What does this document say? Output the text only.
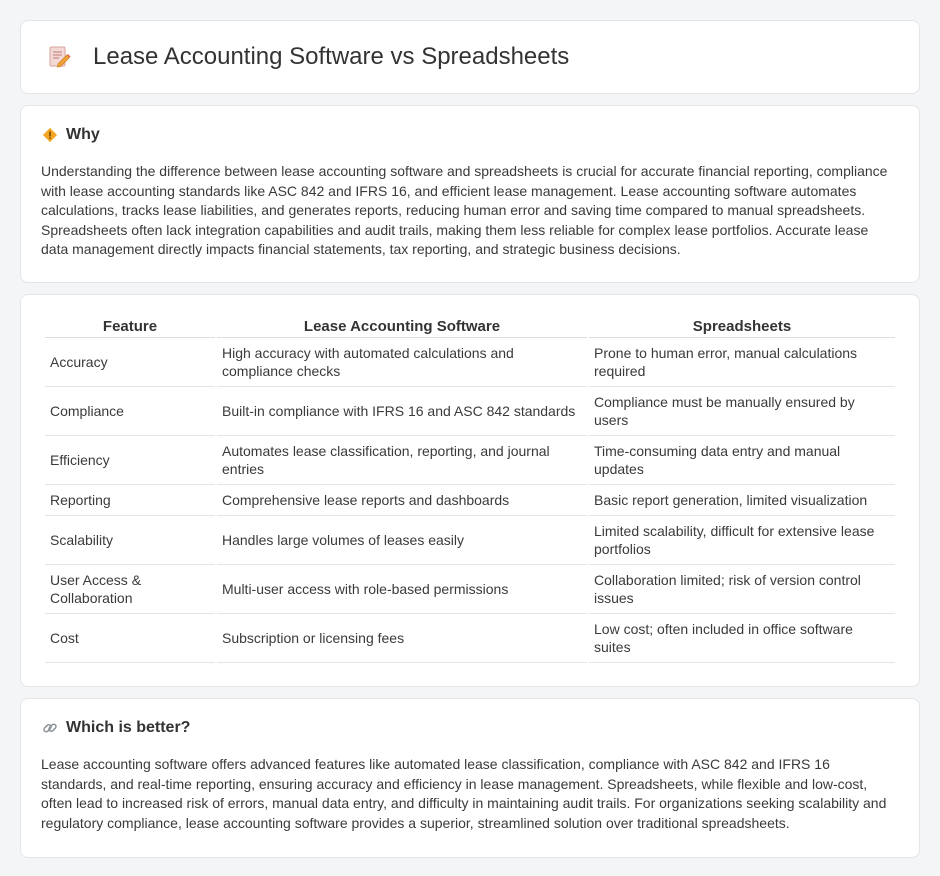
Lease Accounting Software vs Spreadsheets
Why

Understanding the difference between lease accounting software and spreadsheets is crucial for accurate financial reporting, compliance with lease accounting standards like ASC 842 and IFRS 16, and efficient lease management. Lease accounting software automates calculations, tracks lease liabilities, and generates reports, reducing human error and saving time compared to manual spreadsheets. Spreadsheets often lack integration capabilities and audit trails, making them less reliable for complex lease portfolios. Accurate lease data management directly impacts financial statements, tax reporting, and strategic business decisions.

Feature	Lease Accounting Software	Spreadsheets
Accuracy	High accuracy with automated calculations and compliance checks	Prone to human error, manual calculations required
Compliance	Built-in compliance with IFRS 16 and ASC 842 standards	Compliance must be manually ensured by users
Efficiency	Automates lease classification, reporting, and journal entries	Time-consuming data entry and manual updates
Reporting	Comprehensive lease reports and dashboards	Basic report generation, limited visualization
Scalability	Handles large volumes of leases easily	Limited scalability, difficult for extensive lease portfolios
User Access & Collaboration	Multi-user access with role-based permissions	Collaboration limited; risk of version control issues
Cost	Subscription or licensing fees	Low cost; often included in office software suites
Which is better?

Lease accounting software offers advanced features like automated lease classification, compliance with ASC 842 and IFRS 16 standards, and real-time reporting, ensuring accuracy and efficiency in lease management. Spreadsheets, while flexible and low-cost, often lead to increased risk of errors, manual data entry, and difficulty in maintaining audit trails. For organizations seeking scalability and regulatory compliance, lease accounting software provides a superior, streamlined solution over traditional spreadsheets.
